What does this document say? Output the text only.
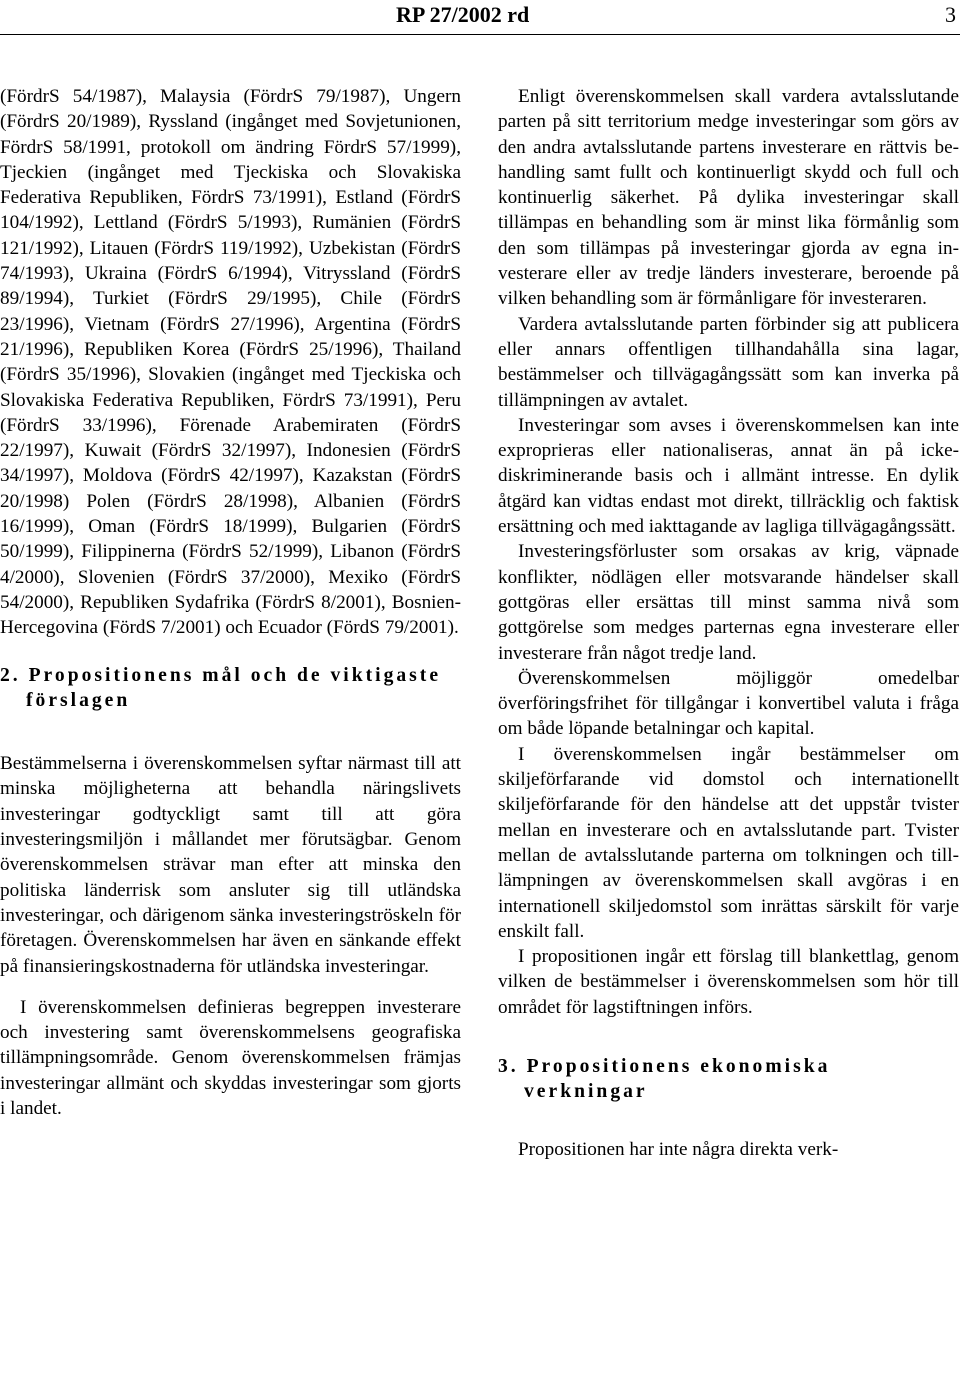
RP 27/2002 rd	3

(FördrS 54/1987), Malaysia (FördrS 79/1987), Ungern (FördrS 20/1989), Ryssland (ingånget med Sovjetunionen, FördrS 58/1991, protokoll om ändring FördrS 57/1999), Tjeckien (ingånget med Tjeckiska och Slovakiska Federativa Republiken, FördrS 73/1991), Estland (FördrS 104/1992), Lettland (FördrS 5/1993), Rumänien (FördrS 121/1992), Litauen (FördrS 119/1992), Uzbekistan (FördrS 74/1993), Ukraina (FördrS 6/1994), Vitryssland (FördrS 89/1994), Turkiet (FördrS 29/1995), Chile (FördrS 23/1996), Vietnam (FördrS 27/1996), Argentina (FördrS 21/1996), Republiken Korea (FördrS 25/1996), Thailand (FördrS 35/1996), Slovakien (ingånget med Tjeckiska och Slovakiska Federativa Republiken, FördrS 73/1991), Peru (FördrS 33/1996), Förenade Arabemiraten (FördrS 22/1997), Kuwait (FördrS 32/1997), Indonesien (FördrS 34/1997), Moldova (FördrS 42/1997), Kazakstan (FördrS 20/1998) Polen (FördrS 28/1998), Albanien (FördrS 16/1999), Oman (FördrS 18/1999), Bulgarien (FördrS 50/1999), Filippinerna (FördrS 52/1999), Libanon (FördrS 4/2000), Slovenien (FördrS 37/2000), Mexiko (FördrS 54/2000), Republiken Sydafrika (FördrS 8/2001), Bosnien-Hercegovina (FördS 7/2001) och Ecuador (FördS 79/2001).

2. Propositionens mål och de viktigaste förslagen

Bestämmelserna i överenskommelsen syftar närmast till att minska möjligheterna att behandla näringslivets investeringar godtyckligt samt till att göra investeringsmiljön i mållandet mer förutsägbar. Genom överenskommelsen strävar man efter att minska den politiska länderrisk som ansluter sig till utländska investeringar, och därigenom sänka investeringströskeln för företagen. Överenskommelsen har även en sänkande effekt på finansieringskostnaderna för utländska investeringar.

I överenskommelsen definieras begreppen investerare och investering samt överenskommelsens geografiska tillämpningsområde. Genom överenskommelsen främjas investeringar allmänt och skyddas investeringar som gjorts i landet.

Enligt överenskommelsen skall vardera avtalsslutande parten på sitt territorium medge investeringar som görs av den andra avtalsslutande partens investerare en rättvis behandling samt fullt och kontinuerligt skydd och full och kontinuerlig säkerhet. På dylika investeringar skall tillämpas en behandling som är minst lika förmånlig som den som tillämpas på investeringar gjorda av egna investerare eller av tredje länders investerare, beroende på vilken behandling som är förmånligare för investeraren.

Vardera avtalsslutande parten förbinder sig att publicera eller annars offentligen tillhandahålla sina lagar, bestämmelser och tillvägagångssätt som kan inverka på tillämpningen av avtalet.

Investeringar som avses i överenskommelsen kan inte exproprieras eller nationaliseras, annat än på icke-diskriminerande basis och i allmänt intresse. En dylik åtgärd kan vidtas endast mot direkt, tillräcklig och faktisk ersättning och med iakttagande av lagliga tillvägagångssätt.

Investeringsförluster som orsakas av krig, väpnade konflikter, nödlägen eller motsvarande händelser skall gottgöras eller ersättas till minst samma nivå som gottgörelse som medges parternas egna investerare eller investerare från något tredje land.

Överenskommelsen möjliggör omedelbar överföringsfrihet för tillgångar i konvertibel valuta i fråga om både löpande betalningar och kapital.

I överenskommelsen ingår bestämmelser om skiljeförfarande vid domstol och internationellt skiljeförfarande för den händelse att det uppstår tvister mellan en investerare och en avtalsslutande part. Tvister mellan de avtalsslutande parterna om tolkningen och tilllämpningen av överenskommelsen skall avgöras i en internationell skiljedomstol som inrättas särskilt för varje enskilt fall.

I propositionen ingår ett förslag till blankettlag, genom vilken de bestämmelser i överenskommelsen som hör till området för lagstiftningen införs.

3. Propositionens ekonomiska verkningar

Propositionen har inte några direkta verk-
